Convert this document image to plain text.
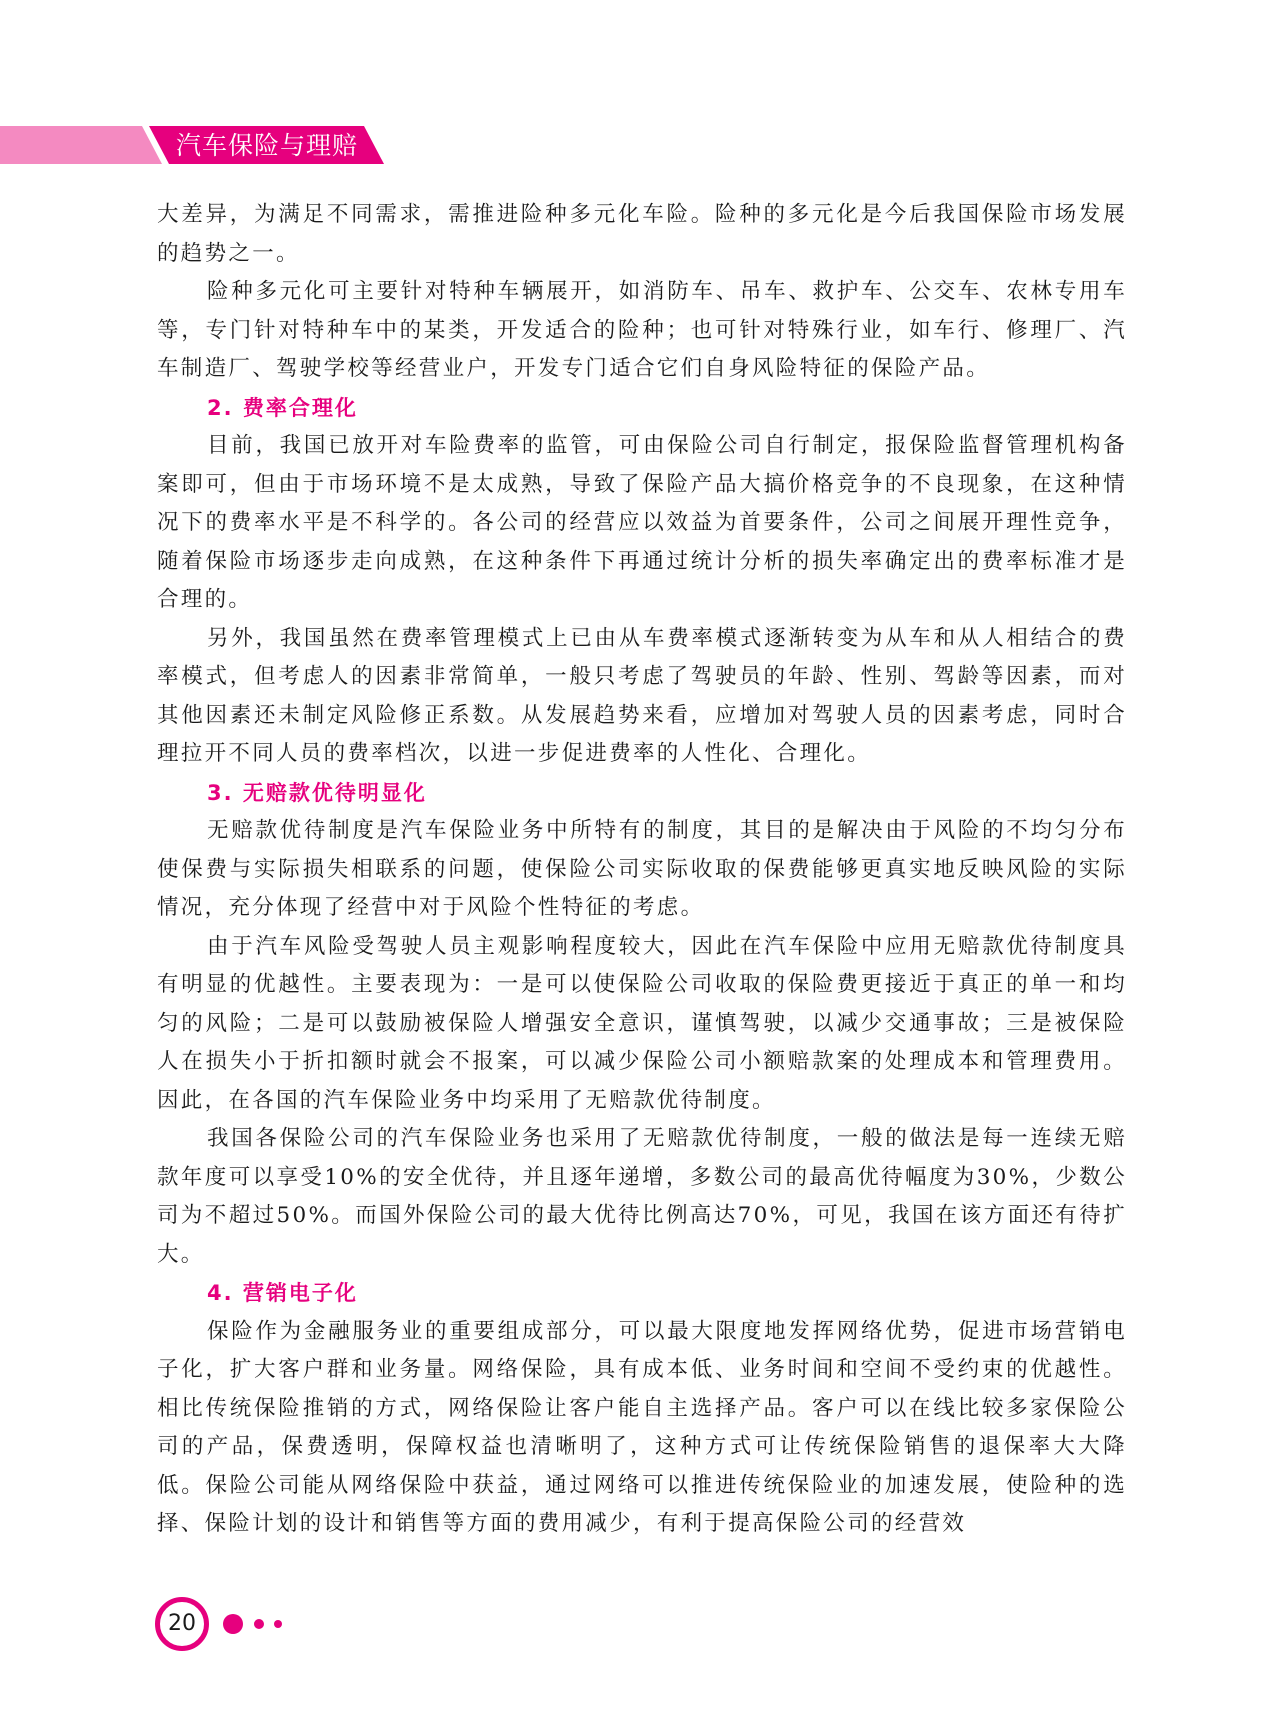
汽车保险与理赔

大差异，为满足不同需求，需推进险种多元化车险。险种的多元化是今后我国保险市场发展的趋势之一。

险种多元化可主要针对特种车辆展开，如消防车、吊车、救护车、公交车、农林专用车等，专门针对特种车中的某类，开发适合的险种；也可针对特殊行业，如车行、修理厂、汽车制造厂、驾驶学校等经营业户，开发专门适合它们自身风险特征的保险产品。

2. 费率合理化

目前，我国已放开对车险费率的监管，可由保险公司自行制定，报保险监督管理机构备案即可，但由于市场环境不是太成熟，导致了保险产品大搞价格竞争的不良现象，在这种情况下的费率水平是不科学的。各公司的经营应以效益为首要条件，公司之间展开理性竞争，随着保险市场逐步走向成熟，在这种条件下再通过统计分析的损失率确定出的费率标准才是合理的。

另外，我国虽然在费率管理模式上已由从车费率模式逐渐转变为从车和从人相结合的费率模式，但考虑人的因素非常简单，一般只考虑了驾驶员的年龄、性别、驾龄等因素，而对其他因素还未制定风险修正系数。从发展趋势来看，应增加对驾驶人员的因素考虑，同时合理拉开不同人员的费率档次，以进一步促进费率的人性化、合理化。

3. 无赔款优待明显化

无赔款优待制度是汽车保险业务中所特有的制度，其目的是解决由于风险的不均匀分布使保费与实际损失相联系的问题，使保险公司实际收取的保费能够更真实地反映风险的实际情况，充分体现了经营中对于风险个性特征的考虑。

由于汽车风险受驾驶人员主观影响程度较大，因此在汽车保险中应用无赔款优待制度具有明显的优越性。主要表现为：一是可以使保险公司收取的保险费更接近于真正的单一和均匀的风险；二是可以鼓励被保险人增强安全意识，谨慎驾驶，以减少交通事故；三是被保险人在损失小于折扣额时就会不报案，可以减少保险公司小额赔款案的处理成本和管理费用。因此，在各国的汽车保险业务中均采用了无赔款优待制度。

我国各保险公司的汽车保险业务也采用了无赔款优待制度，一般的做法是每一连续无赔款年度可以享受10%的安全优待，并且逐年递增，多数公司的最高优待幅度为30%，少数公司为不超过50%。而国外保险公司的最大优待比例高达70%，可见，我国在该方面还有待扩大。

4. 营销电子化

保险作为金融服务业的重要组成部分，可以最大限度地发挥网络优势，促进市场营销电子化，扩大客户群和业务量。网络保险，具有成本低、业务时间和空间不受约束的优越性。相比传统保险推销的方式，网络保险让客户能自主选择产品。客户可以在线比较多家保险公司的产品，保费透明，保障权益也清晰明了，这种方式可让传统保险销售的退保率大大降低。保险公司能从网络保险中获益，通过网络可以推进传统保险业的加速发展，使险种的选择、保险计划的设计和销售等方面的费用减少，有利于提高保险公司的经营效

20
